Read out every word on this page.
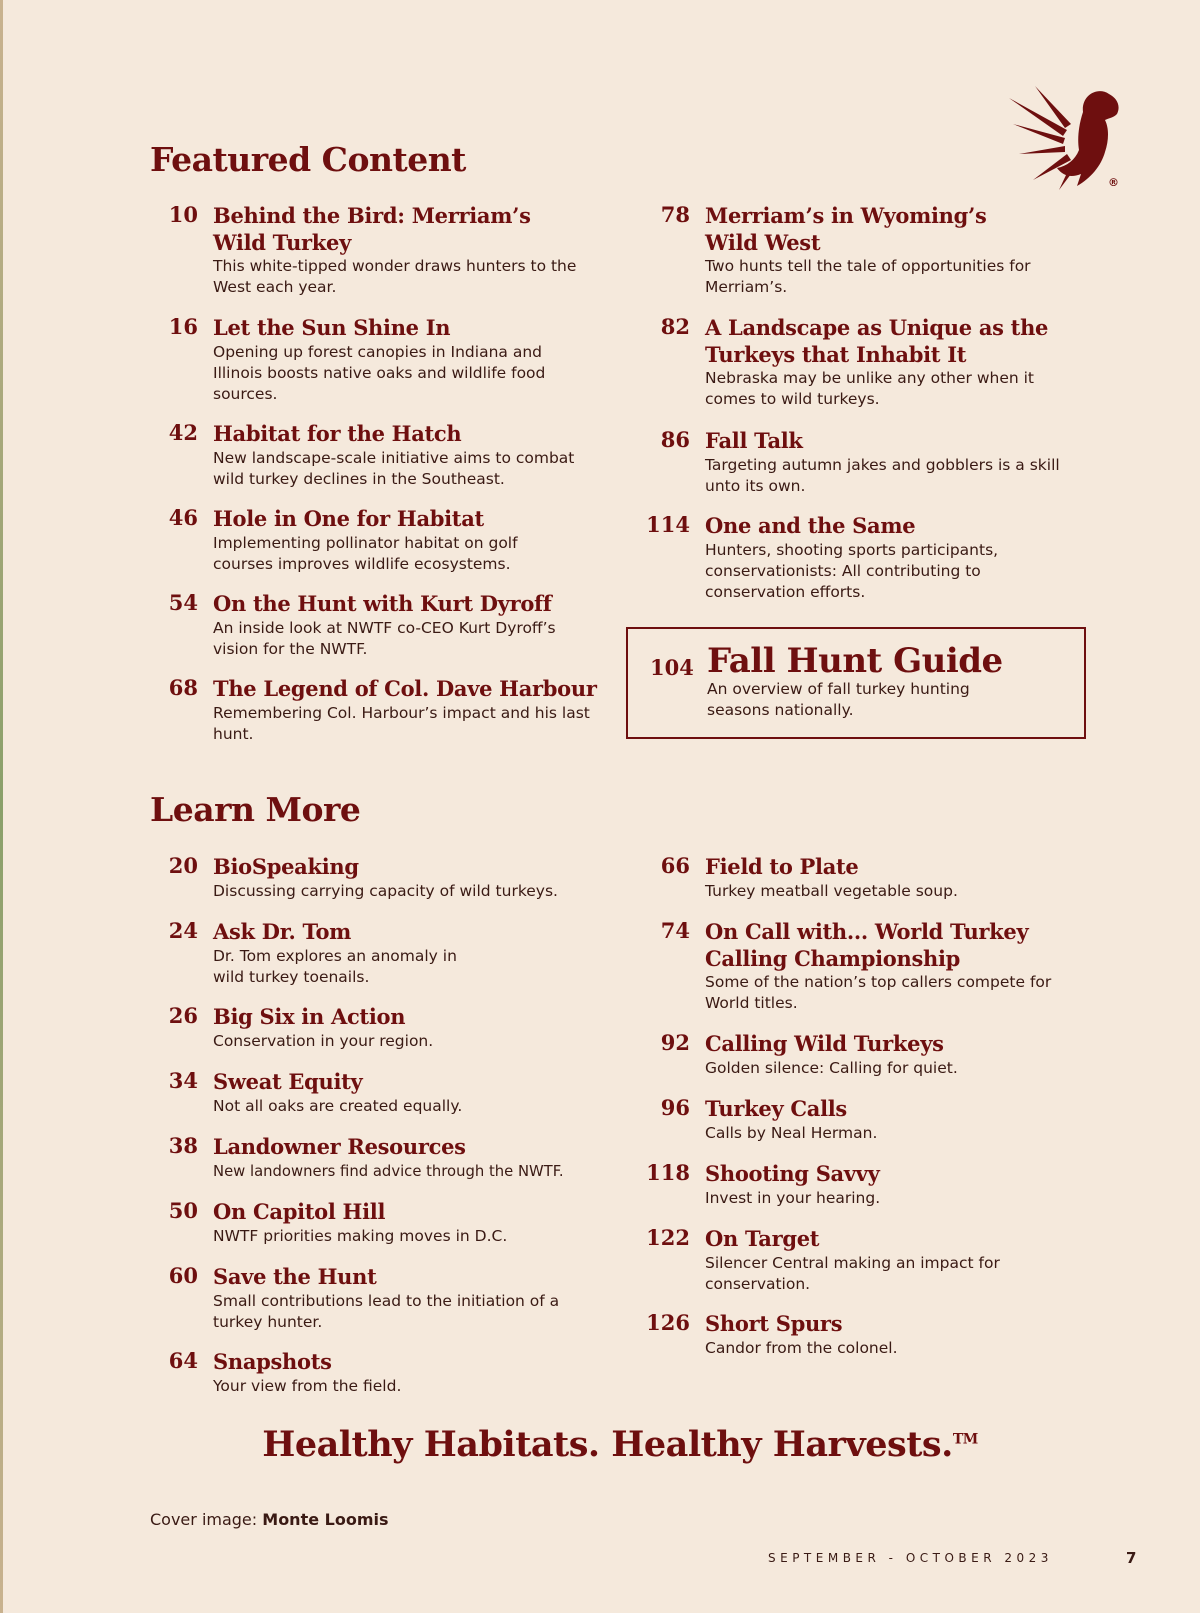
®
Featured Content
10 Behind the Bird: Merriam’s Wild Turkey
This white-tipped wonder draws hunters to the West each year.
16 Let the Sun Shine In
Opening up forest canopies in Indiana and Illinois boosts native oaks and wildlife food sources.
42 Habitat for the Hatch
New landscape-scale initiative aims to combat wild turkey declines in the Southeast.
46 Hole in One for Habitat
Implementing pollinator habitat on golf courses improves wildlife ecosystems.
54 On the Hunt with Kurt Dyroff
An inside look at NWTF co-CEO Kurt Dyroff’s vision for the NWTF.
68 The Legend of Col. Dave Harbour
Remembering Col. Harbour’s impact and his last hunt.
78 Merriam’s in Wyoming’s Wild West
Two hunts tell the tale of opportunities for Merriam’s.
82 A Landscape as Unique as the Turkeys that Inhabit It
Nebraska may be unlike any other when it comes to wild turkeys.
86 Fall Talk
Targeting autumn jakes and gobblers is a skill unto its own.
114 One and the Same
Hunters, shooting sports participants, conservationists: All contributing to conservation efforts.
104 Fall Hunt Guide
An overview of fall turkey hunting seasons nationally.
Learn More
20 BioSpeaking
Discussing carrying capacity of wild turkeys.
24 Ask Dr. Tom
Dr. Tom explores an anomaly in wild turkey toenails.
26 Big Six in Action
Conservation in your region.
34 Sweat Equity
Not all oaks are created equally.
38 Landowner Resources
New landowners find advice through the NWTF.
50 On Capitol Hill
NWTF priorities making moves in D.C.
60 Save the Hunt
Small contributions lead to the initiation of a turkey hunter.
64 Snapshots
Your view from the field.
66 Field to Plate
Turkey meatball vegetable soup.
74 On Call with... World Turkey Calling Championship
Some of the nation’s top callers compete for World titles.
92 Calling Wild Turkeys
Golden silence: Calling for quiet.
96 Turkey Calls
Calls by Neal Herman.
118 Shooting Savvy
Invest in your hearing.
122 On Target
Silencer Central making an impact for conservation.
126 Short Spurs
Candor from the colonel.
Healthy Habitats. Healthy Harvests.™
Cover image: Monte Loomis
SEPTEMBER - OCTOBER 2023	7
